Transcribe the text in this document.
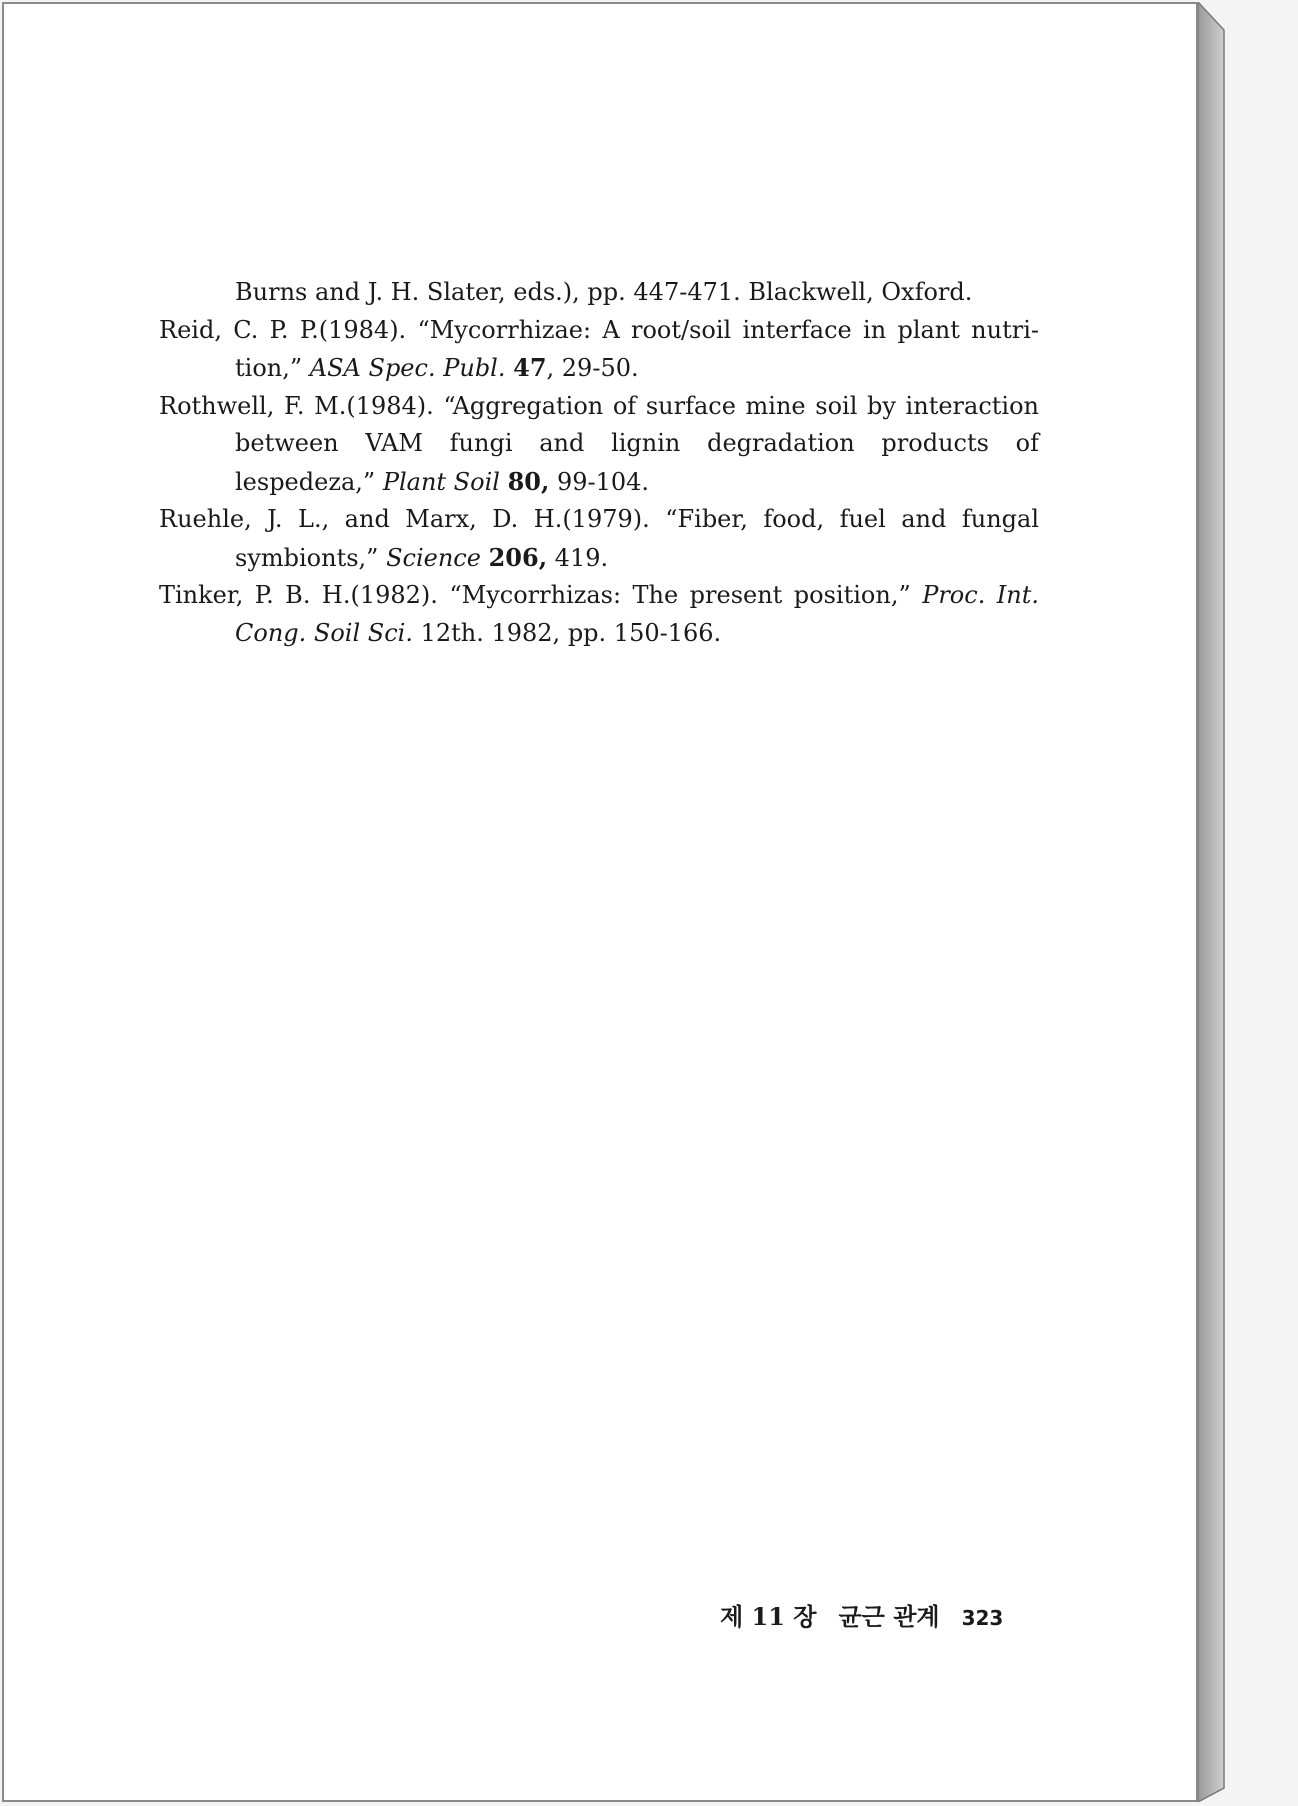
Burns and J. H. Slater, eds.), pp. 447-471. Blackwell, Oxford.
Reid, C. P. P.(1984). “Mycorrhizae: A root/soil interface in plant nutri-tion,” ASA Spec. Publ. 47, 29-50.
Rothwell, F. M.(1984). “Aggregation of surface mine soil by interaction between VAM fungi and lignin degradation products of lespedeza,” Plant Soil 80, 99-104.
Ruehle, J. L., and Marx, D. H.(1979). “Fiber, food, fuel and fungal symbionts,” Science 206, 419.
Tinker, P. B. H.(1982). “Mycorrhizas: The present position,” Proc. Int. Cong. Soil Sci. 12th. 1982, pp. 150-166.
제 11 장 균근 관계 323
